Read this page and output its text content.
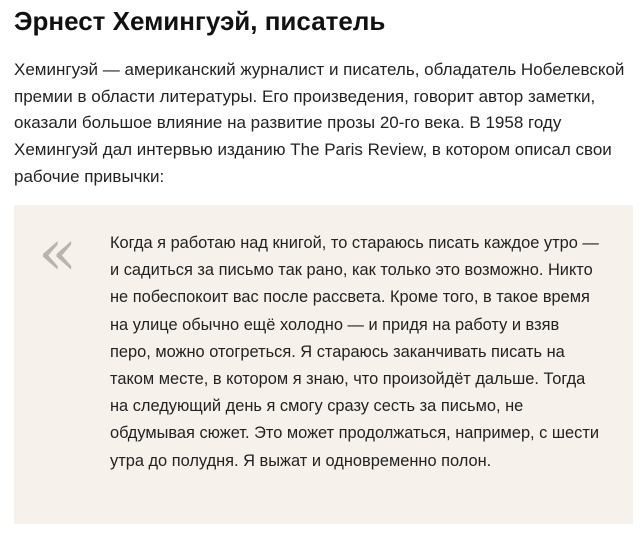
Эрнест Хемингуэй, писатель

Хемингуэй — американский журналист и писатель, обладатель Нобелевской премии в области литературы. Его произведения, говорит автор заметки, оказали большое влияние на развитие прозы 20-го века. В 1958 году Хемингуэй дал интервью изданию The Paris Review, в котором описал свои рабочие привычки:

« Когда я работаю над книгой, то стараюсь писать каждое утро — и садиться за письмо так рано, как только это возможно. Никто не побеспокоит вас после рассвета. Кроме того, в такое время на улице обычно ещё холодно — и придя на работу и взяв перо, можно отогреться. Я стараюсь заканчивать писать на таком месте, в котором я знаю, что произойдёт дальше. Тогда на следующий день я смогу сразу сесть за письмо, не обдумывая сюжет. Это может продолжаться, например, с шести утра до полудня. Я выжат и одновременно полон.
